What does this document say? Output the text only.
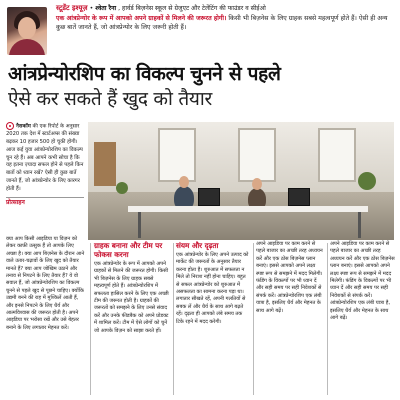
स्टूडेंट इश्यूज़ • श्वेता रैना , हार्वर्ड बिज़नेस स्कूल से ग्रेजुएट और टेलेंटिंग की फाउंडर व सीईओ
एक आंत्रप्रेन्योर के रूप में आपको अपने ग्राहकों से मिलने की जरूरत होगी। किसी भी बिज़नेस के लिए ग्राहक सबसे महत्वपूर्ण होते हैं। ऐसी ही अन्य कुछ बातें जानते हैं, जो आंत्रप्रेन्योर के लिए जरूरी होती हैं।
आंत्रप्रेन्योरशिप का विकल्प चुनने से पहले
ऐसे कर सकते हैं खुद को तैयार
नैसकॉम की एक रिपोर्ट के अनुसार 2020 तक देश में स्टार्टअप्स की संख्या बढ़कर 10 हजार 500 हो चुकी होगी। आज कई युवा आंत्रप्रेन्योरशिप का विकल्प चुन रहे हैं। अब आपने कभी सोचा है कि यह इतना ज़्यादा सफल होने से पहले किन बातों को ध्यान रखें? ऐसी ही कुछ बातें जानते हैं, जो आंत्रप्रेन्योर के लिए कारगर होती हैं।
प्रोत्साहन

क्या आप किसी आइडिया या विज़न को लेकर काफ़ी उत्सुक हैं तो आपके लिए अच्छा है। क्या आप बिज़नेस के दौरान आने वाले उतार-चढ़ावों के लिए खुद को तैयार मानते हैं? क्या आप जोखिम उठाने और तनाव से निपटने के लिए तैयार हैं? ये वो सवाल हैं, जो आंत्रप्रेन्योरशिप का विकल्प चुनने से पहले खुद से पूछने चाहिए। क्योंकि उद्यमी बनने की राह में मुश्किलें आती हैं, और इनसे निपटने के लिए धैर्य और आत्मविश्वास की जरूरत होती है। अपने आइडिया पर भरोसा रखें और उसे बेहतर बनाने के लिए लगातार मेहनत करें।

ग्राहक बनाना और टीम पर फोकस करना

एक आंत्रप्रेन्योर के रूप में आपको अपने ग्राहकों से मिलने की जरूरत होगी। किसी भी बिज़नेस के लिए ग्राहक सबसे महत्वपूर्ण होते हैं। आंत्रप्रेन्योरशिप में सफलता हासिल करने के लिए एक अच्छी टीम की जरूरत होती है। ग्राहकों की जरूरतों को समझने के लिए उनसे संवाद करें और उनके फीडबैक को अपने प्रोडक्ट में शामिल करें। टीम में ऐसे लोगों को चुनें जो आपके विज़न को साझा करते हों।

संयम और दृढ़ता

एक आंत्रप्रेन्योर के लिए अपने उत्पाद को मार्केट की जरूरतों के अनुसार तैयार करना होता है। शुरुआत में सफलता न मिले तो निराश नहीं होना चाहिए। बहुत से सफल आंत्रप्रेन्योर को शुरुआत में असफलता का सामना करना पड़ा था। लगातार सीखते रहें, अपनी गलतियों से सबक लें और धैर्य के साथ आगे बढ़ते रहें। दृढ़ता ही आपको लंबे समय तक टिके रहने में मदद करेगी।

अपने आइडिया पर काम करने से पहले बाजार का अच्छी तरह अध्ययन करें और एक ठोस बिज़नेस प्लान बनाएं। इससे आपको अपने लक्ष्य स्पष्ट रूप से समझने में मदद मिलेगी। फंडिंग के विकल्पों पर भी ध्यान दें और सही समय पर सही निवेशकों से संपर्क करें। आंत्रप्रेन्योरशिप एक लंबी यात्रा है, इसलिए धैर्य और मेहनत के साथ आगे बढ़ें।

अपने आइडिया पर काम करने से पहले बाजार का अच्छी तरह अध्ययन करें और एक ठोस बिज़नेस प्लान बनाएं। इससे आपको अपने लक्ष्य स्पष्ट रूप से समझने में मदद मिलेगी। फंडिंग के विकल्पों पर भी ध्यान दें और सही समय पर सही निवेशकों से संपर्क करें। आंत्रप्रेन्योरशिप एक लंबी यात्रा है, इसलिए धैर्य और मेहनत के साथ आगे बढ़ें।
